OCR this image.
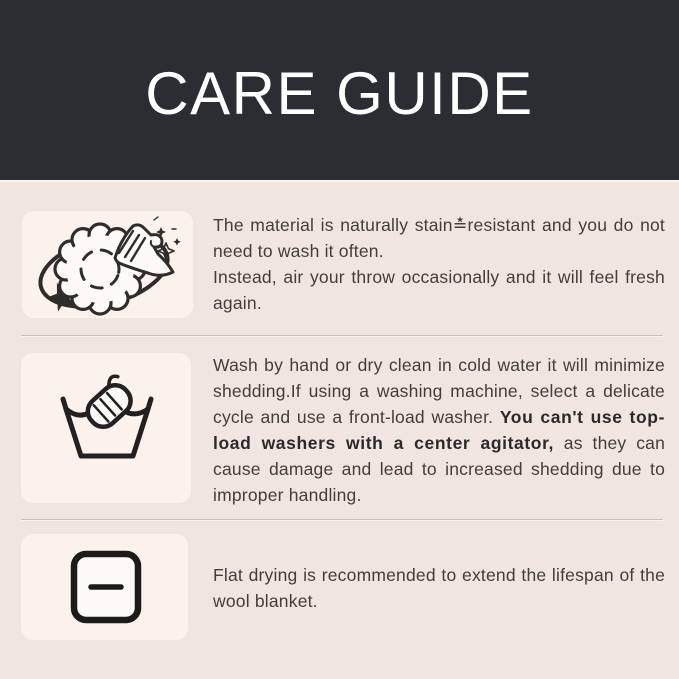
CARE GUIDE

The material is naturally stain≛resistant and you do not need to wash it often.

Instead, air your throw occasionally and it will feel fresh again.

Wash by hand or dry clean in cold water it will minimize shedding.If using a washing machine, select a delicate cycle and use a front-load washer. You can't use top-load washers with a center agitator, as they can cause damage and lead to increased shedding due to improper handling.

Flat drying is recommended to extend the lifespan of the wool blanket.
